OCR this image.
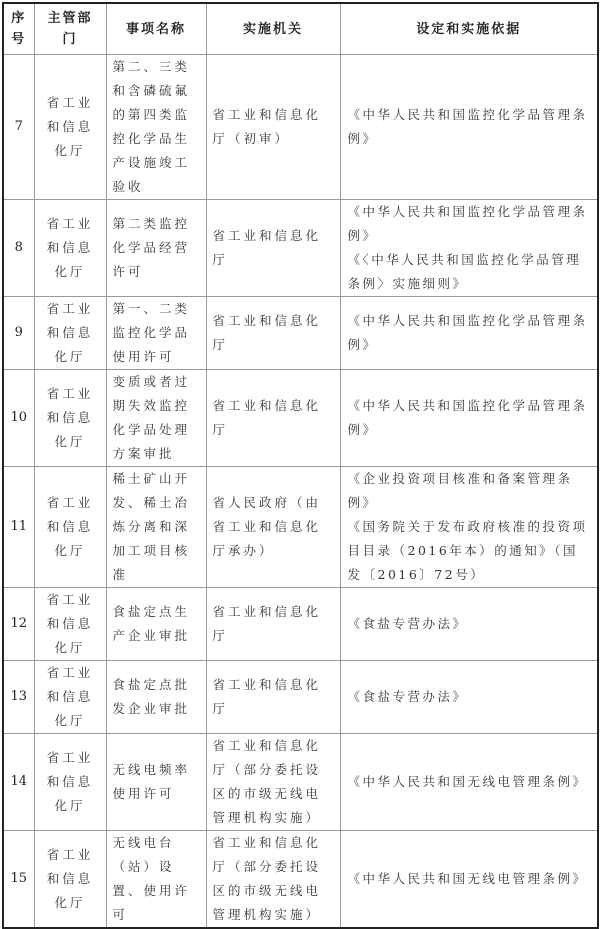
序号	主管部门	事项名称	实施机关	设定和实施依据
7	省工业和信息化厅	第二、三类和含磷硫氟的第四类监控化学品生产设施竣工验收	省工业和信息化厅（初审）	《中华人民共和国监控化学品管理条例》

8	省工业和信息化厅	第二类监控化学品经营许可	省工业和信息化厅	《中华人民共和国监控化学品管理条例》
《〈中华人民共和国监控化学品管理条例〉实施细则》

9	省工业和信息化厅	第一、二类监控化学品使用许可	省工业和信息化厅	《中华人民共和国监控化学品管理条例》

10	省工业和信息化厅	变质或者过期失效监控化学品处理方案审批	省工业和信息化厅	《中华人民共和国监控化学品管理条例》

11	省工业和信息化厅	稀土矿山开发、稀土冶炼分离和深加工项目核准	省人民政府（由省工业和信息化厅承办）	《企业投资项目核准和备案管理条例》
《国务院关于发布政府核准的投资项目目录（2016年本）的通知》（国发〔2016〕72号）

12	省工业和信息化厅	食盐定点生产企业审批	省工业和信息化厅	《食盐专营办法》

13	省工业和信息化厅	食盐定点批发企业审批	省工业和信息化厅	《食盐专营办法》

14	省工业和信息化厅	无线电频率使用许可	省工业和信息化厅（部分委托设区的市级无线电管理机构实施）	《中华人民共和国无线电管理条例》

15	省工业和信息化厅	无线电台（站）设置、使用许可	省工业和信息化厅（部分委托设区的市级无线电管理机构实施）	《中华人民共和国无线电管理条例》
